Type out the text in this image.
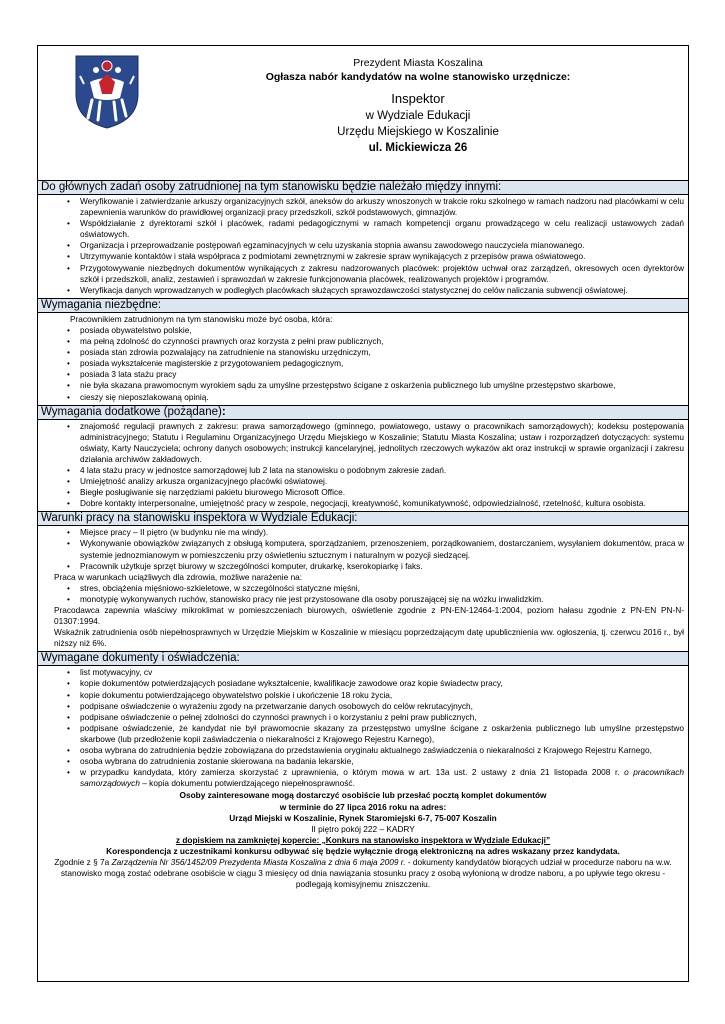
Prezydent Miasta Koszalina
Ogłasza nabór kandydatów na wolne stanowisko urzędnicze:
Inspektor
w Wydziale Edukacji
Urzędu Miejskiego w Koszalinie
ul. Mickiewicza 26
Do głównych zadań osoby zatrudnionej na tym stanowisku będzie należało między innymi:
• Weryfikowanie i zatwierdzanie arkuszy organizacyjnych szkół, aneksów do arkuszy wnoszonych w trakcie roku szkolnego w ramach nadzoru nad placówkami w celu zapewnienia warunków do prawidłowej organizacji pracy przedszkoli, szkół podstawowych, gimnazjów.
• Współdziałanie z dyrektorami szkół i placówek, radami pedagogicznymi w ramach kompetencji organu prowadzącego w celu realizacji ustawowych zadań oświatowych.
• Organizacja i przeprowadzanie postępowań egzaminacyjnych w celu uzyskania stopnia awansu zawodowego nauczyciela mianowanego.
• Utrzymywanie kontaktów i stała współpraca z podmiotami zewnętrznymi w zakresie spraw wynikających z przepisów prawa oświatowego.
• Przygotowywanie niezbędnych dokumentów wynikających z zakresu nadzorowanych placówek: projektów uchwał oraz zarządzeń, okresowych ocen dyrektorów szkół i przedszkoli, analiz, zestawień i sprawozdań w zakresie funkcjonowania placówek, realizowanych projektów i programów.
• Weryfikacja danych wprowadzanych w podległych placówkach służących sprawozdawczości statystycznej do celów naliczania subwencji oświatowej.
Wymagania niezbędne:
Pracownikiem zatrudnionym na tym stanowisku może być osoba, która:
• posiada obywatelstwo polskie,
• ma pełną zdolność do czynności prawnych oraz korzysta z pełni praw publicznych,
• posiada stan zdrowia pozwalający na zatrudnienie na stanowisku urzędniczym,
• posiada wykształcenie magisterskie z przygotowaniem pedagogicznym,
• posiada 3 lata stażu pracy
• nie była skazana prawomocnym wyrokiem sądu za umyślne przestępstwo ścigane z oskarżenia publicznego lub umyślne przestępstwo skarbowe,
• cieszy się nieposzlakowaną opinią.
Wymagania dodatkowe (pożądane):
• znajomość regulacji prawnych z zakresu: prawa samorządowego (gminnego, powiatowego, ustawy o pracownikach samorządowych); kodeksu postępowania administracyjnego; Statutu i Regulaminu Organizacyjnego Urzędu Miejskiego w Koszalinie; Statutu Miasta Koszalina; ustaw i rozporządzeń dotyczących: systemu oświaty, Karty Nauczyciela; ochrony danych osobowych; instrukcji kancelaryjnej, jednolitych rzeczowych wykazów akt oraz instrukcji w sprawie organizacji i zakresu działania archiwów zakładowych.
• 4 lata stażu pracy w jednostce samorządowej lub 2 lata na stanowisku o podobnym zakresie zadań.
• Umiejętność analizy arkusza organizacyjnego placówki oświatowej.
• Biegłe posługiwanie się narzędziami pakietu biurowego Microsoft Office.
• Dobre kontakty interpersonalne, umiejętność pracy w zespole, negocjacji, kreatywność, komunikatywność, odpowiedzialność, rzetelność, kultura osobista.
Warunki pracy na stanowisku inspektora w Wydziale Edukacji:
• Miejsce pracy – II piętro (w budynku nie ma windy).
• Wykonywanie obowiązków związanych z obsługą komputera, sporządzaniem, przenoszeniem, porządkowaniem, dostarczaniem, wysyłaniem dokumentów, praca w systemie jednozmianowym w pomieszczeniu przy oświetleniu sztucznym i naturalnym w pozycji siedzącej.
• Pracownik użytkuje sprzęt biurowy w szczególności komputer, drukarkę, kserokopiarkę i faks.
Praca w warunkach uciążliwych dla zdrowia, możliwe narażenie na:
• stres, obciążenia mięśniowo-szkieletowe, w szczególności statyczne mięśni,
• monotypię wykonywanych ruchów, stanowisko pracy nie jest przystosowane dla osoby poruszającej się na wózku inwalidzkim.
Pracodawca zapewnia właściwy mikroklimat w pomieszczeniach biurowych, oświetlenie zgodnie z PN-EN-12464-1:2004, poziom hałasu zgodnie z PN-EN PN-N-01307:1994.
Wskaźnik zatrudnienia osób niepełnosprawnych w Urzędzie Miejskim w Koszalinie w miesiącu poprzedzającym datę upublicznienia ww. ogłoszenia, tj. czerwcu 2016 r., był niższy niż 6%.
Wymagane dokumenty i oświadczenia:
• list motywacyjny, cv
• kopie dokumentów potwierdzających posiadane wykształcenie, kwalifikacje zawodowe oraz kopie świadectw pracy,
• kopie dokumentu potwierdzającego obywatelstwo polskie i ukończenie 18 roku życia,
• podpisane oświadczenie o wyrażeniu zgody na przetwarzanie danych osobowych do celów rekrutacyjnych,
• podpisane oświadczenie o pełnej zdolności do czynności prawnych i o korzystaniu z pełni praw publicznych,
• podpisane oświadczenie, że kandydat nie był prawomocnie skazany za przestępstwo umyślne ścigane z oskarżenia publicznego lub umyślne przestępstwo skarbowe (lub przedłożenie kopii zaświadczenia o niekaralności z Krajowego Rejestru Karnego),
• osoba wybrana do zatrudnienia będzie zobowiązana do przedstawienia oryginału aktualnego zaświadczenia o niekaralności z Krajowego Rejestru Karnego,
• osoba wybrana do zatrudnienia zostanie skierowana na badania lekarskie,
• w przypadku kandydata, który zamierza skorzystać z uprawnienia, o którym mowa w art. 13a ust. 2 ustawy z dnia 21 listopada 2008 r. o pracownikach samorządowych – kopia dokumentu potwierdzającego niepełnosprawność.
Osoby zainteresowane mogą dostarczyć osobiście lub przesłać pocztą komplet dokumentów
w terminie do 27 lipca 2016 roku na adres:
Urząd Miejski w Koszalinie, Rynek Staromiejski 6-7, 75-007 Koszalin
II piętro pokój 222 – KADRY
z dopiskiem na zamkniętej kopercie: „Konkurs na stanowisko inspektora w Wydziale Edukacji”
Korespondencja z uczestnikami konkursu odbywać się będzie wyłącznie drogą elektroniczną na adres wskazany przez kandydata.
Zgodnie z § 7a Zarządzenia Nr 356/1452/09 Prezydenta Miasta Koszalina z dnia 6 maja 2009 r. - dokumenty kandydatów biorących udział w procedurze naboru na w.w. stanowisko mogą zostać odebrane osobiście w ciągu 3 miesięcy od dnia nawiązania stosunku pracy z osobą wyłonioną w drodze naboru, a po upływie tego okresu - podlegają komisyjnemu zniszczeniu.
